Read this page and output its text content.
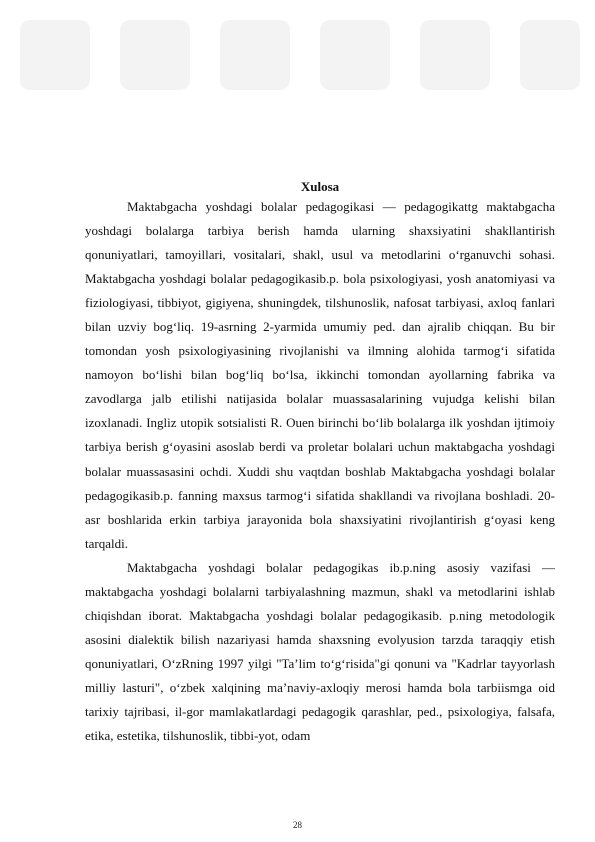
Xulosa

Maktabgacha yoshdagi bolalar pedagogikasi — pedagogikattg maktabgacha yoshdagi bolalarga tarbiya berish hamda ularning shaxsiyatini shakllantirish qonuniyatlari, tamoyillari, vositalari, shakl, usul va metodlarini oʻrganuvchi sohasi. Maktabgacha yoshdagi bolalar pedagogikasib.p. bola psixologiyasi, yosh anatomiyasi va fiziologiyasi, tibbiyot, gigiyena, shuningdek, tilshunoslik, nafosat tarbiyasi, axloq fanlari bilan uzviy bogʻliq. 19-asrning 2-yarmida umumiy ped. dan ajralib chiqqan. Bu bir tomondan yosh psixologiyasining rivojlanishi va ilmning alohida tarmogʻi sifatida namoyon boʻlishi bilan bogʻliq boʻlsa, ikkinchi tomondan ayollarning fabrika va zavodlarga jalb etilishi natijasida bolalar muassasalarining vujudga kelishi bilan izoxlanadi. Ingliz utopik sotsialisti R. Ouen birinchi boʻlib bolalarga ilk yoshdan ijtimoiy tarbiya berish gʻoyasini asoslab berdi va proletar bolalari uchun maktabgacha yoshdagi bolalar muassasasini ochdi. Xuddi shu vaqtdan boshlab Maktabgacha yoshdagi bolalar pedagogikasib.p. fanning maxsus tarmogʻi sifatida shakllandi va rivojlana boshladi. 20-asr boshlarida erkin tarbiya jarayonida bola shaxsiyatini rivojlantirish gʻoyasi keng tarqaldi.

Maktabgacha yoshdagi bolalar pedagogikas ib.p.ning asosiy vazifasi — maktabgacha yoshdagi bolalarni tarbiyalashning mazmun, shakl va metodlarini ishlab chiqishdan iborat. Maktabgacha yoshdagi bolalar pedagogikasib. p.ning metodologik asosini dialektik bilish nazariyasi hamda shaxsning evolyusion tarzda taraqqiy etish qonuniyatlari, OʻzRning 1997 yilgi "Taʼlim toʻgʻrisida"gi qonuni va "Kadrlar tayyorlash milliy lasturi", oʻzbek xalqining maʼnaviy-axloqiy merosi hamda bola tarbiismga oid tarixiy tajribasi, il-gor mamlakatlardagi pedagogik qarashlar, ped., psixologiya, falsafa, etika, estetika, tilshunoslik, tibbi-yot, odam

28
